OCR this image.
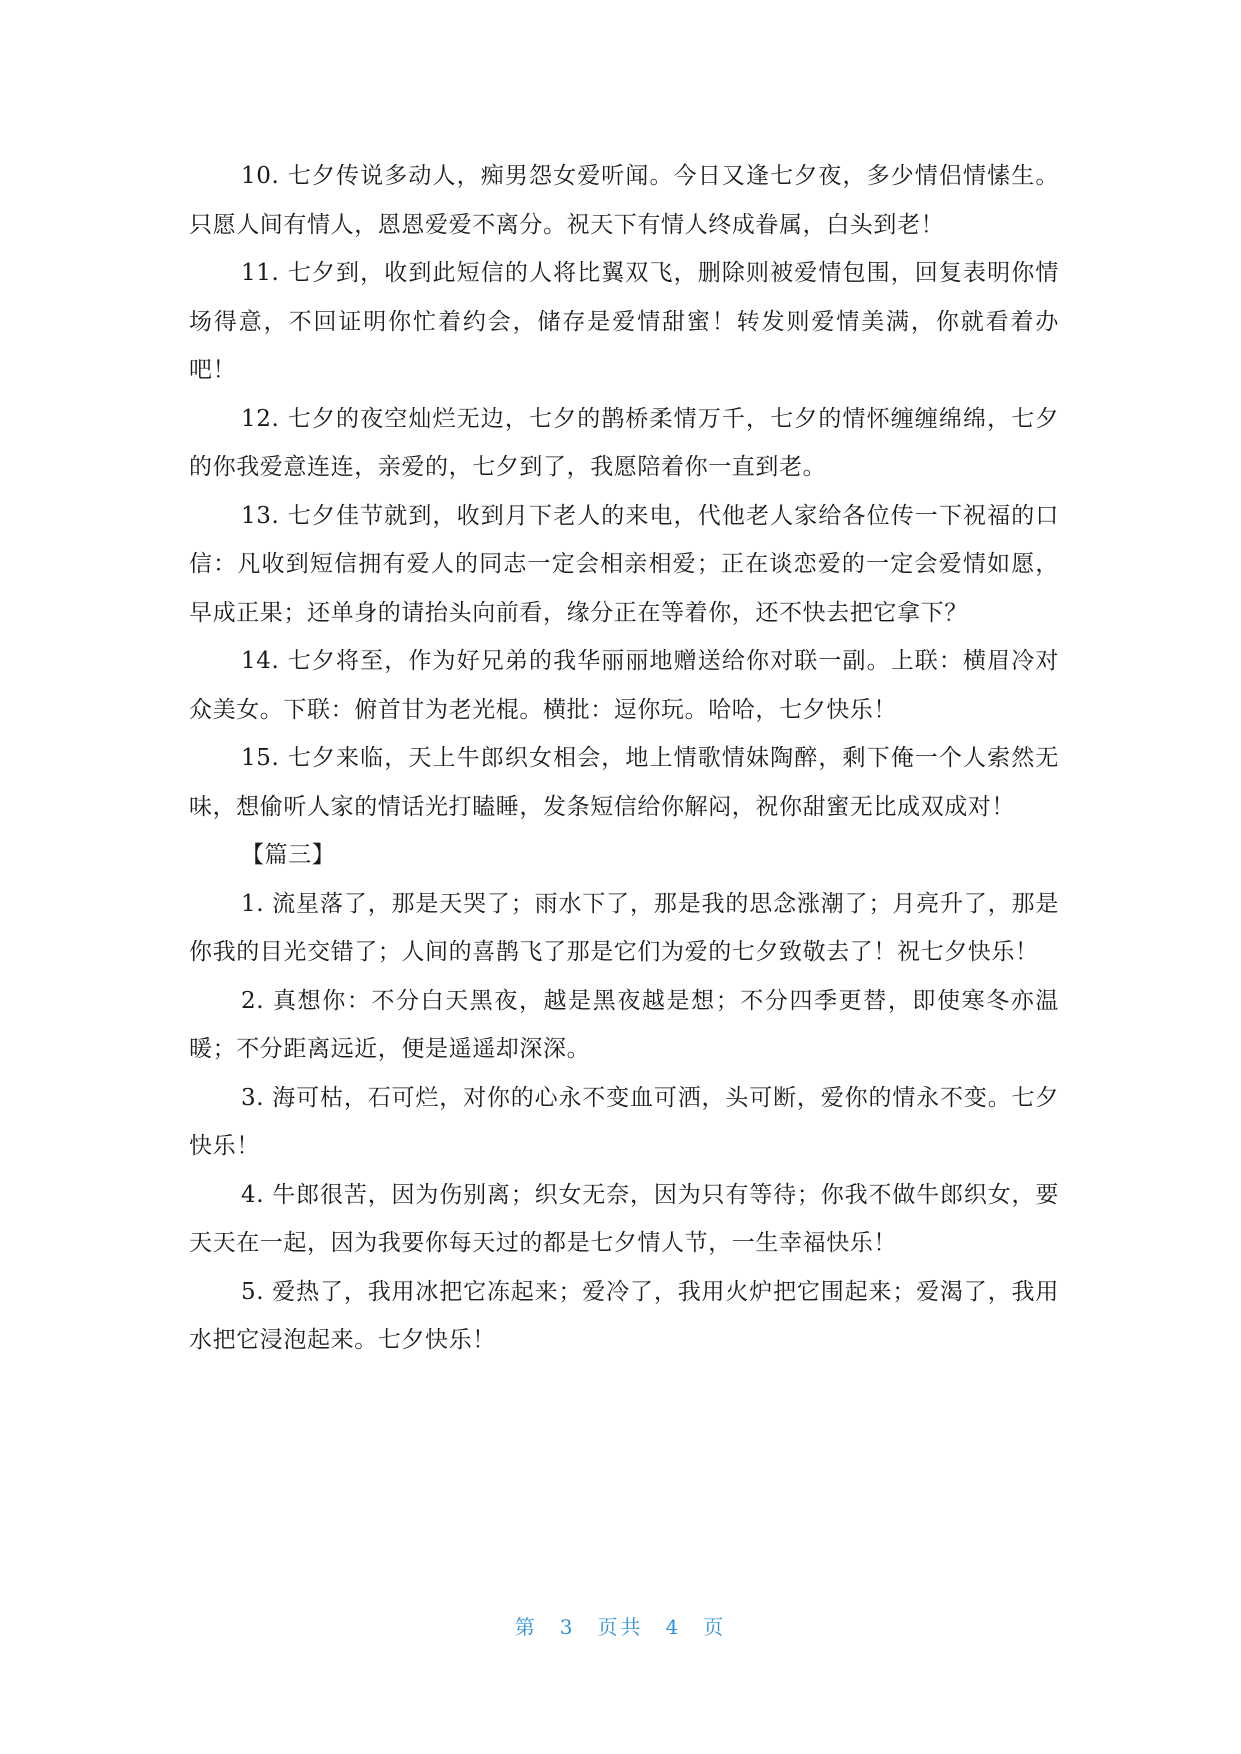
10. 七夕传说多动人，痴男怨女爱听闻。今日又逢七夕夜，多少情侣情愫生。只愿人间有情人，恩恩爱爱不离分。祝天下有情人终成眷属，白头到老！

11. 七夕到，收到此短信的人将比翼双飞，删除则被爱情包围，回复表明你情场得意，不回证明你忙着约会，储存是爱情甜蜜！转发则爱情美满，你就看着办吧！

12. 七夕的夜空灿烂无边，七夕的鹊桥柔情万千，七夕的情怀缠缠绵绵，七夕的你我爱意连连，亲爱的，七夕到了，我愿陪着你一直到老。

13. 七夕佳节就到，收到月下老人的来电，代他老人家给各位传一下祝福的口信：凡收到短信拥有爱人的同志一定会相亲相爱；正在谈恋爱的一定会爱情如愿，早成正果；还单身的请抬头向前看，缘分正在等着你，还不快去把它拿下？

14. 七夕将至，作为好兄弟的我华丽丽地赠送给你对联一副。上联：横眉冷对众美女。下联：俯首甘为老光棍。横批：逗你玩。哈哈，七夕快乐！

15. 七夕来临，天上牛郎织女相会，地上情歌情妹陶醉，剩下俺一个人索然无味，想偷听人家的情话光打瞌睡，发条短信给你解闷，祝你甜蜜无比成双成对！

【篇三】

1. 流星落了，那是天哭了；雨水下了，那是我的思念涨潮了；月亮升了，那是你我的目光交错了；人间的喜鹊飞了那是它们为爱的七夕致敬去了！祝七夕快乐！

2. 真想你：不分白天黑夜，越是黑夜越是想；不分四季更替，即使寒冬亦温暖；不分距离远近，便是遥遥却深深。

3. 海可枯，石可烂，对你的心永不变血可洒，头可断，爱你的情永不变。七夕快乐！

4. 牛郎很苦，因为伤别离；织女无奈，因为只有等待；你我不做牛郎织女，要天天在一起，因为我要你每天过的都是七夕情人节，一生幸福快乐！

5. 爱热了，我用冰把它冻起来；爱冷了，我用火炉把它围起来；爱渴了，我用水把它浸泡起来。七夕快乐！

第 3 页共 4 页
